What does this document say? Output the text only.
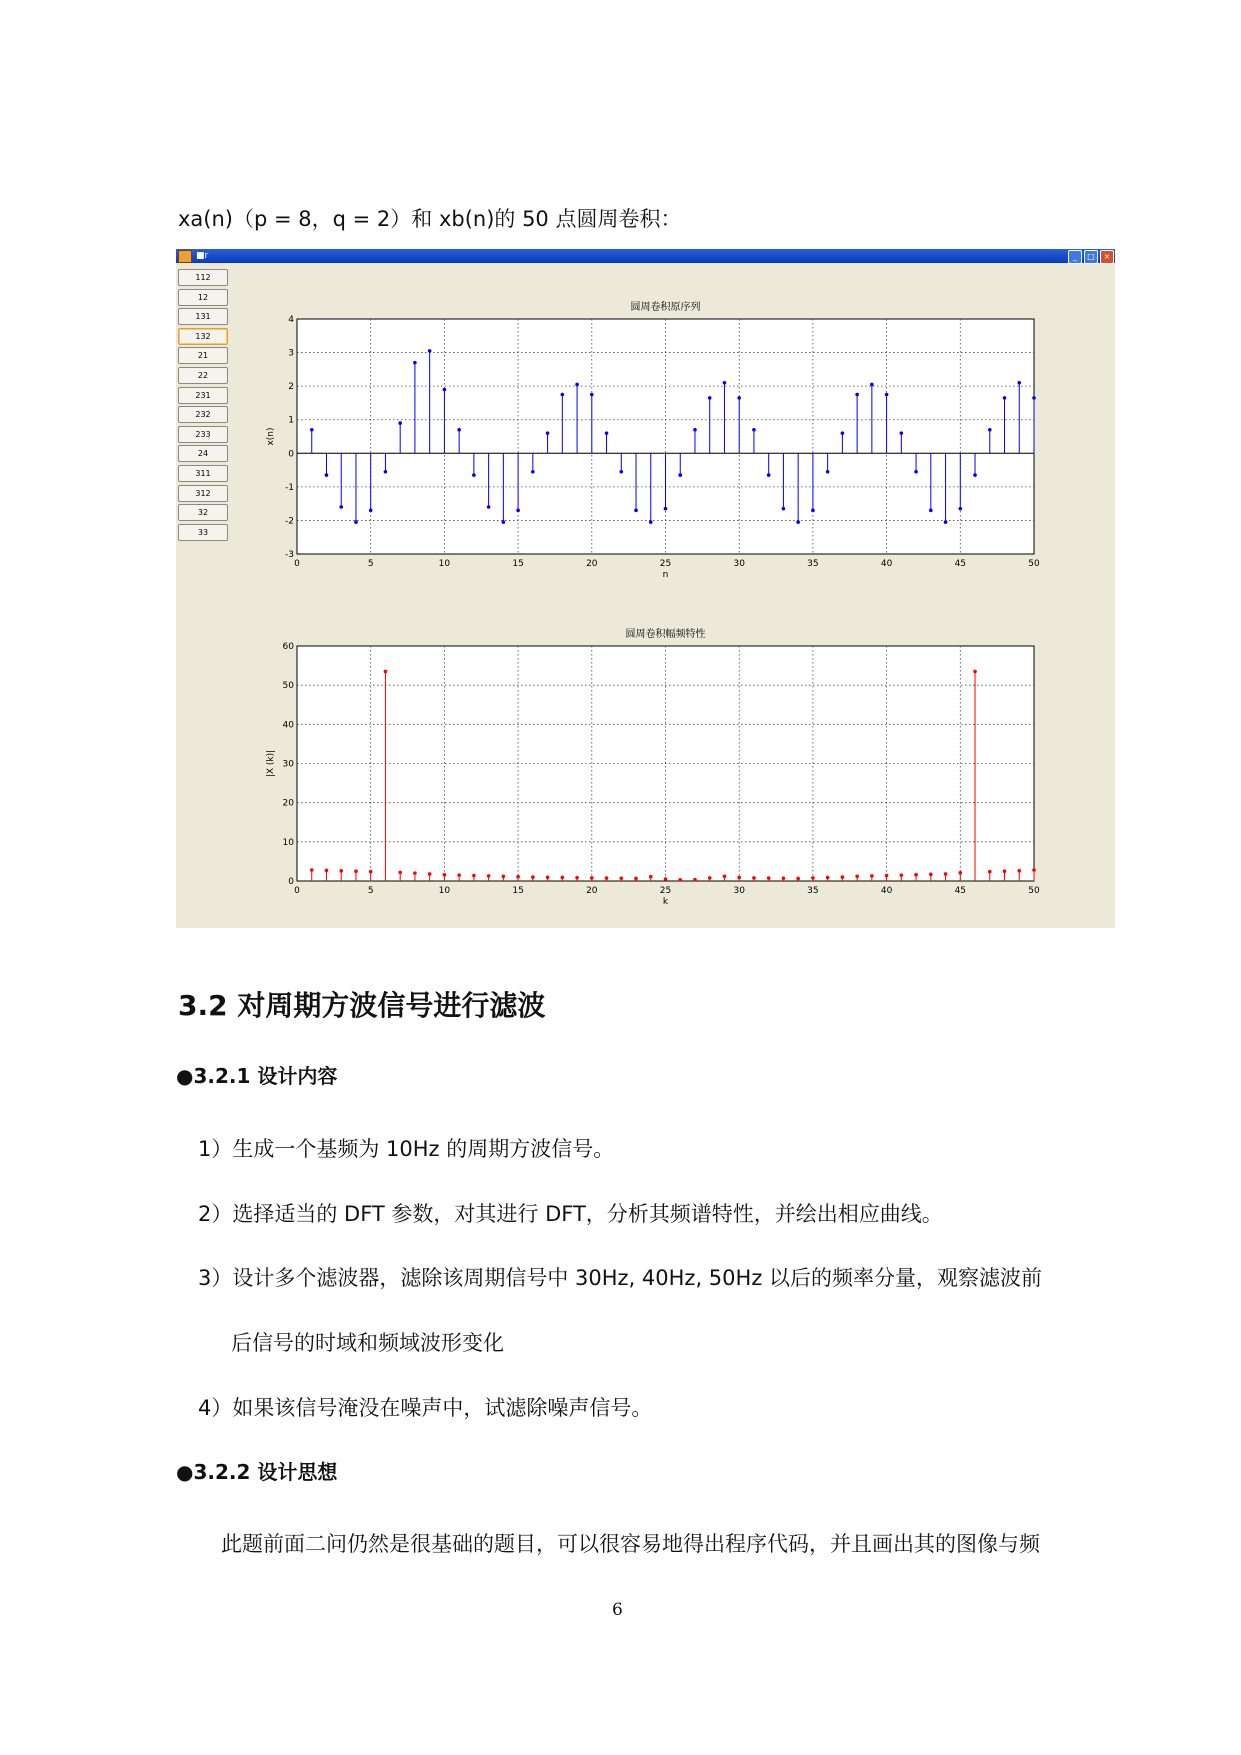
xa(n)（p = 8，q = 2）和 xb(n)的 50 点圆周卷积：
■r	_	□	×
112
12
131
132
21
22
231
232
233
24
311
312
32
33
0	5	10	15	20	25	30	35	40	45	50
-3
-2
-1
0
1
2
3
4
圆周卷积原序列
n
x(n)
0	5	10	15	20	25	30	35	40	45	50
0
10
20
30
40
50
60
圆周卷积幅频特性
k
|X (k)|
3.2 对周期方波信号进行滤波
●3.2.1 设计内容
1）生成一个基频为 10Hz 的周期方波信号。
2）选择适当的 DFT 参数，对其进行 DFT，分析其频谱特性，并绘出相应曲线。
3）设计多个滤波器，滤除该周期信号中 30Hz, 40Hz, 50Hz 以后的频率分量，观察滤波前
后信号的时域和频域波形变化
4）如果该信号淹没在噪声中，试滤除噪声信号。
●3.2.2 设计思想
此题前面二问仍然是很基础的题目，可以很容易地得出程序代码，并且画出其的图像与频
6
